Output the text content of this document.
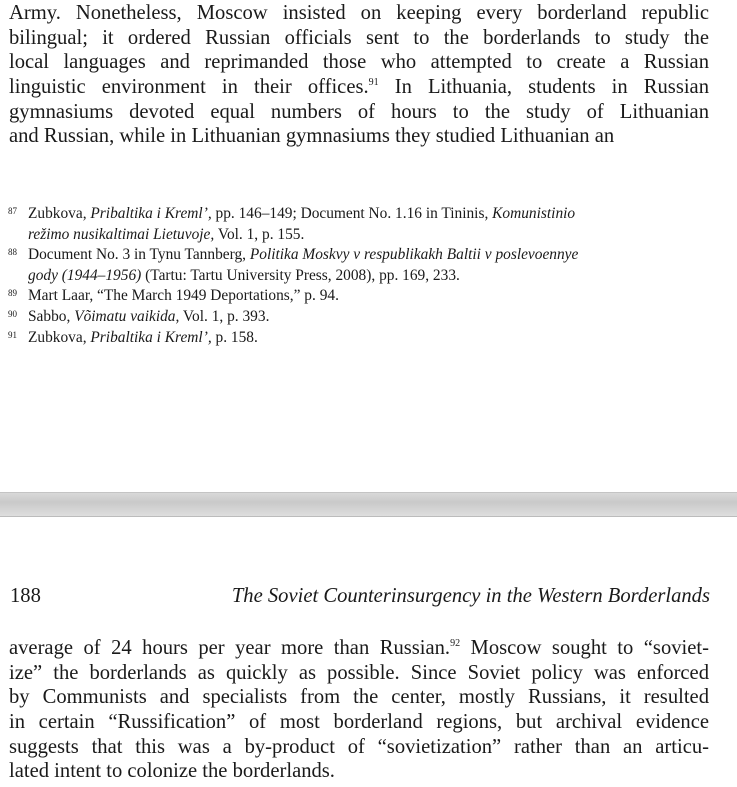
Army. Nonetheless, Moscow insisted on keeping every borderland republic
bilingual; it ordered Russian officials sent to the borderlands to study the
local languages and reprimanded those who attempted to create a Russian
linguistic environment in their offices.$^{91}$ In Lithuania, students in Russian
gymnasiums devoted equal numbers of hours to the study of Lithuanian
and Russian, while in Lithuanian gymnasiums they studied Lithuanian an

87 Zubkova, Pribaltika i Kreml’, pp. 146–149; Document No. 1.16 in Tininis, Komunistinio
režimo nusikaltimai Lietuvoje, Vol. 1, p. 155.
88 Document No. 3 in Tynu Tannberg, Politika Moskvy v respublikakh Baltii v poslevoennye
gody (1944–1956) (Tartu: Tartu University Press, 2008), pp. 169, 233.
89 Mart Laar, “The March 1949 Deportations,” p. 94.
90 Sabbo, Võimatu vaikida, Vol. 1, p. 393.
91 Zubkova, Pribaltika i Kreml’, p. 158.
188	The Soviet Counterinsurgency in the Western Borderlands

average of 24 hours per year more than Russian.$^{92}$ Moscow sought to “soviet-
ize” the borderlands as quickly as possible. Since Soviet policy was enforced
by Communists and specialists from the center, mostly Russians, it resulted
in certain “Russification” of most borderland regions, but archival evidence
suggests that this was a by-product of “sovietization” rather than an articu-
lated intent to colonize the borderlands.
